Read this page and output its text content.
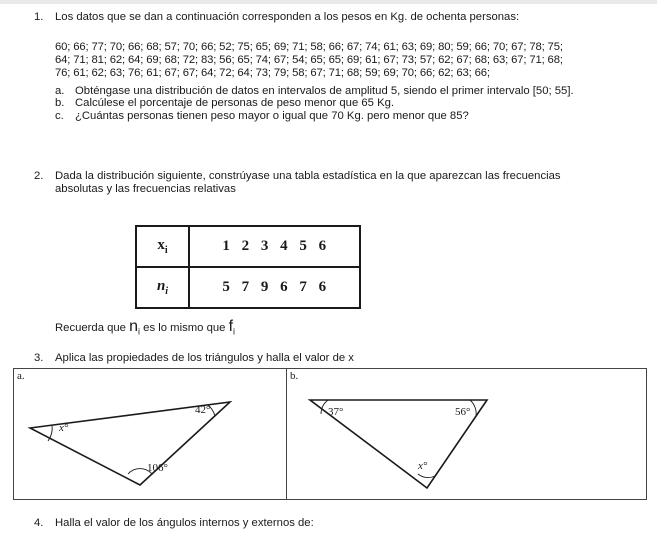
1. Los datos que se dan a continuación corresponden a los pesos en Kg. de ochenta personas:
60; 66; 77; 70; 66; 68; 57; 70; 66; 52; 75; 65; 69; 71; 58; 66; 67; 74; 61; 63; 69; 80; 59; 66; 70; 67; 78; 75;
64; 71; 81; 62; 64; 69; 68; 72; 83; 56; 65; 74; 67; 54; 65; 65; 69; 61; 67; 73; 57; 62; 67; 68; 63; 67; 71; 68;
76; 61; 62; 63; 76; 61; 67; 67; 64; 72; 64; 73; 79; 58; 67; 71; 68; 59; 69; 70; 66; 62; 63; 66;
a. Obténgase una distribución de datos en intervalos de amplitud 5, siendo el primer intervalo [50; 55].
b. Calcúlese el porcentaje de personas de peso menor que 65 Kg.
c. ¿Cuántas personas tienen peso mayor o igual que 70 Kg. pero menor que 85?
2. Dada la distribución siguiente, constrúyase una tabla estadística en la que aparezcan las frecuencias
absolutas y las frecuencias relativas
$x_i$	1 2 3 4 5 6
$n_i$	5 7 9 6 7 6
Recuerda que $n_i$ es lo mismo que $f_i$
3. Aplica las propiedades de los triángulos y halla el valor de x
a.	b.
42°
x°
106°
37°	56°
x°
4. Halla el valor de los ángulos internos y externos de:
